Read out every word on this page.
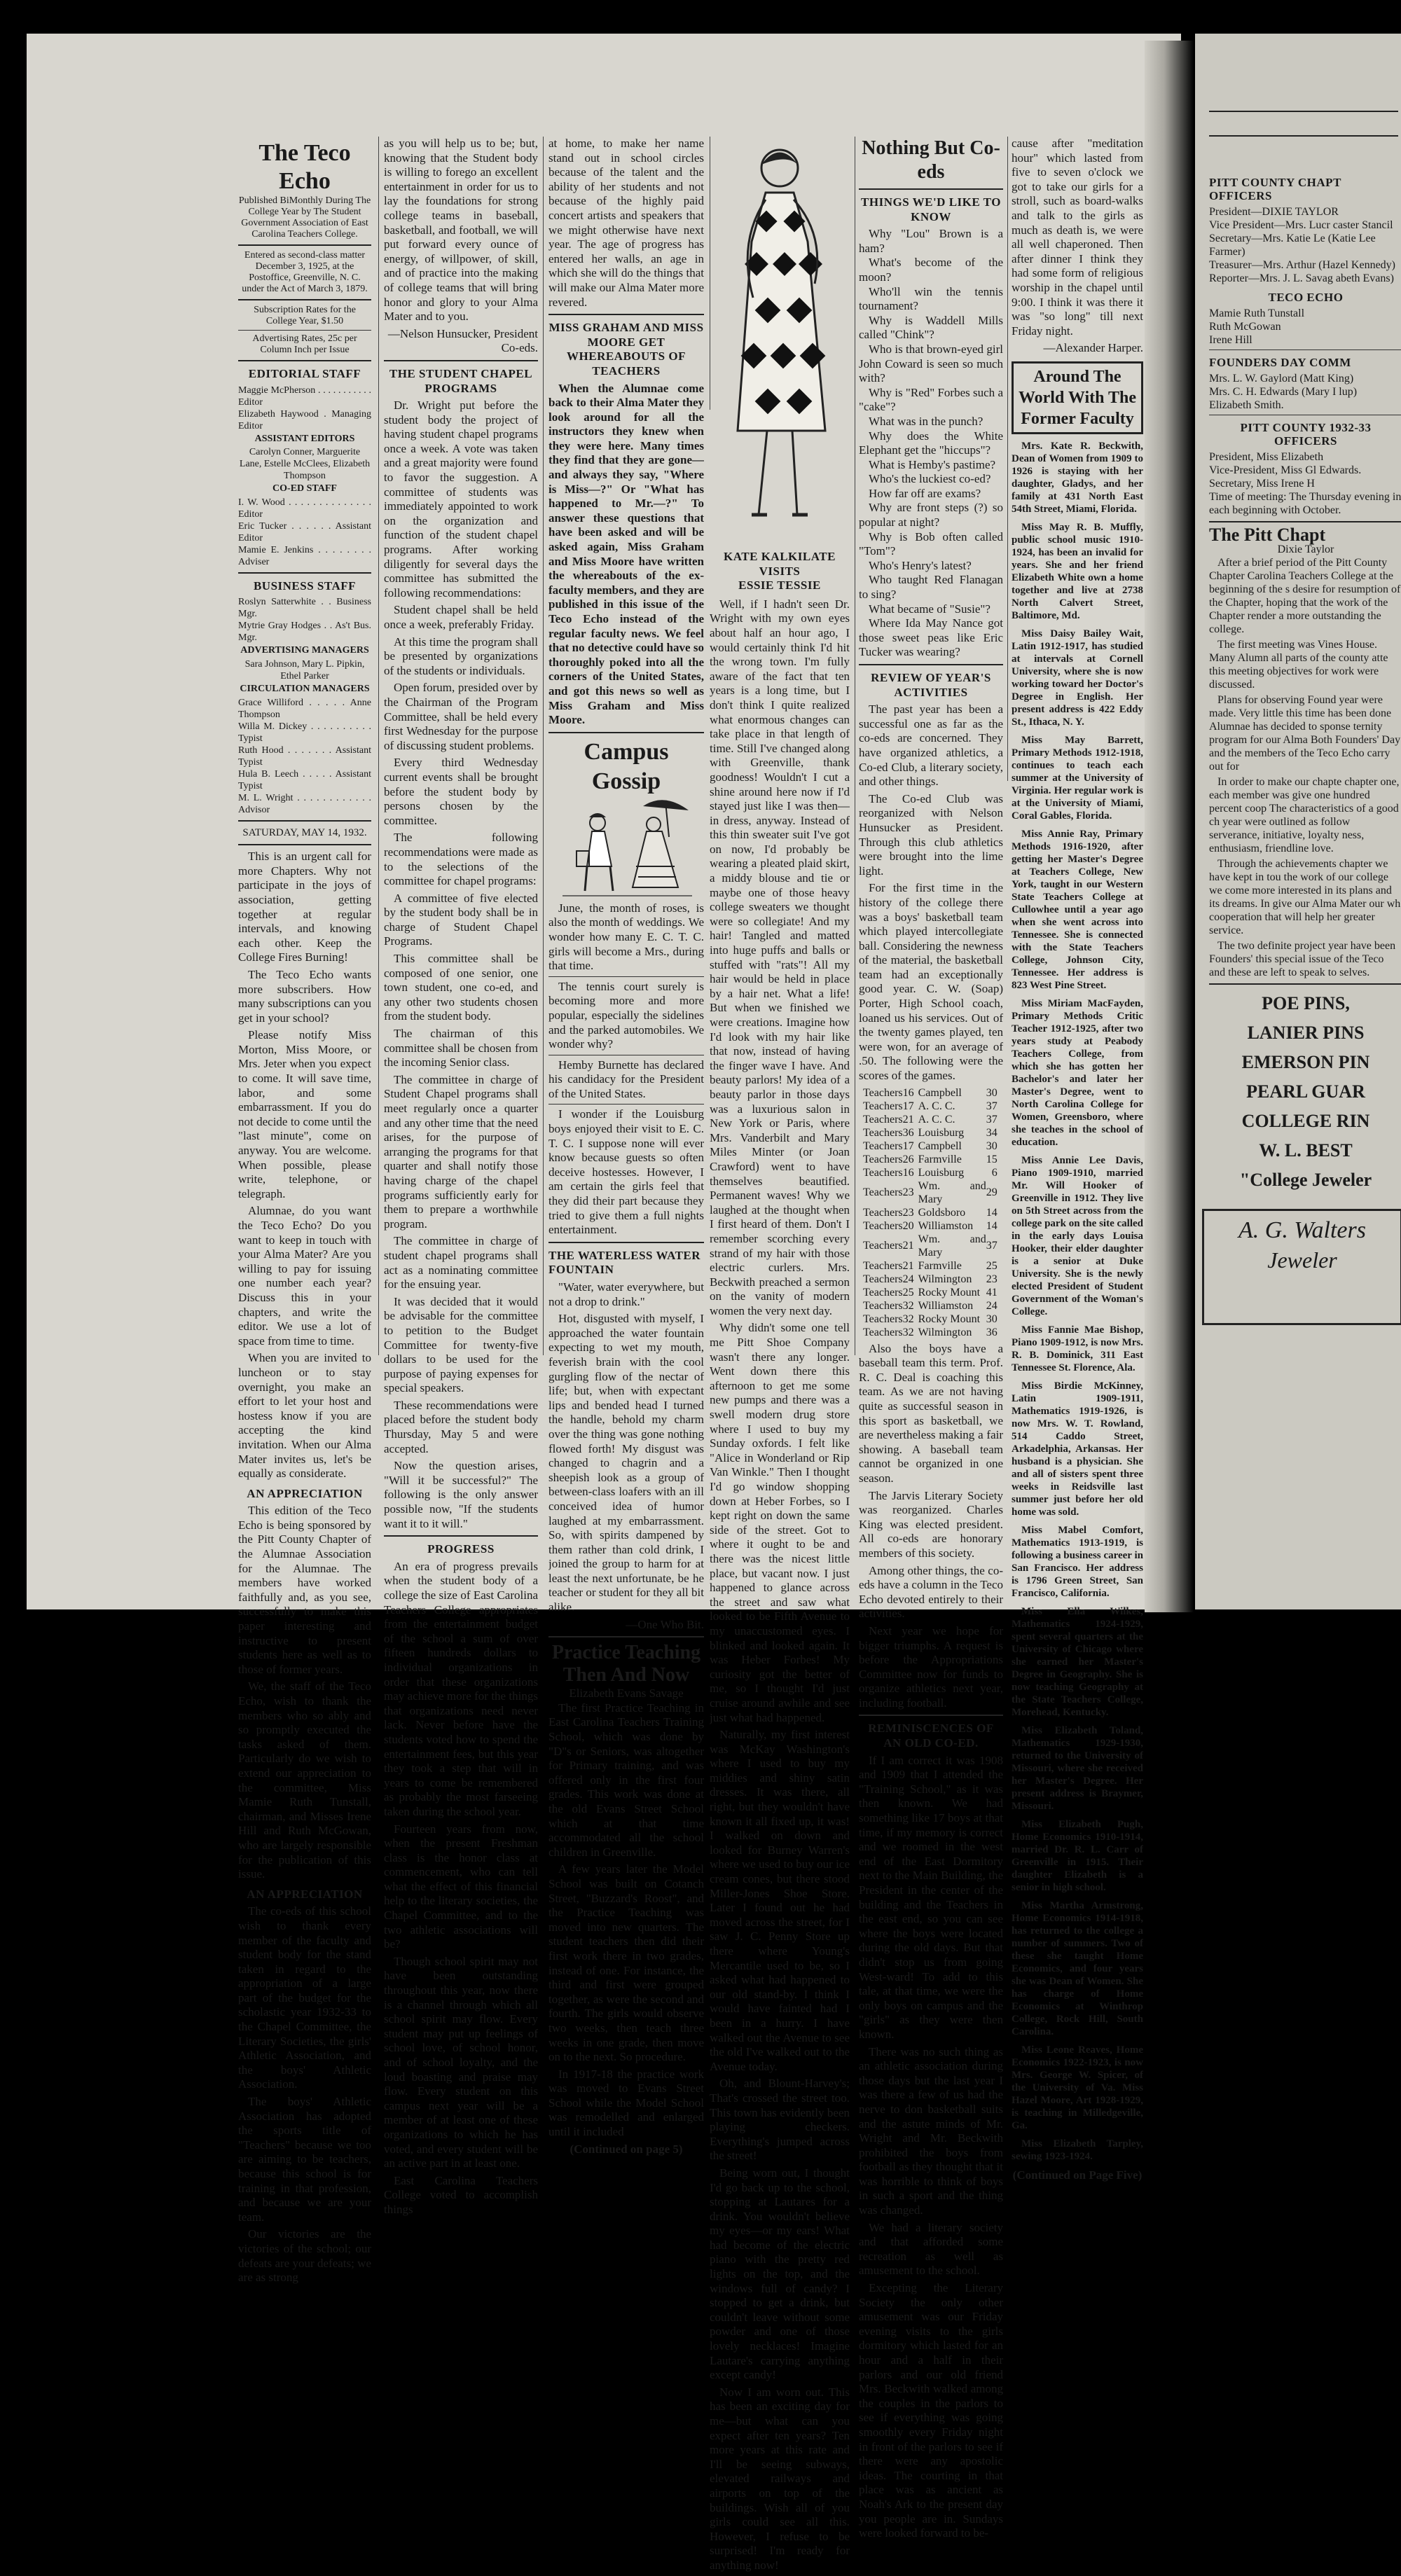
The Teco Echo
Published BiMonthly During The College Year by The Student Government Association of East Carolina Teachers College.
Entered as second-class matter December 3, 1925, at the Postoffice, Greenville, N. C. under the Act of March 3, 1879.
Subscription Rates for the College Year, $1.50
Advertising Rates, 25c per Column Inch per Issue
EDITORIAL STAFF
Maggie McPherson . . . . . . . . . . . Editor
Elizabeth Haywood . Managing Editor
ASSISTANT EDITORS
Carolyn Conner, Marguerite Lane, Estelle McClees, Elizabeth Thompson
CO-ED STAFF
I. W. Wood . . . . . . . . . . . . . . Editor
Eric Tucker . . . . . . Assistant Editor
Mamie E. Jenkins . . . . . . . . Adviser
BUSINESS STAFF
Roslyn Satterwhite . . Business Mgr.
Mytrie Gray Hodges . . As't Bus. Mgr.
ADVERTISING MANAGERS
Sara Johnson, Mary L. Pipkin, Ethel Parker
CIRCULATION MANAGERS
Grace Williford . . . . . Anne Thompson
Willa M. Dickey . . . . . . . . . . Typist
Ruth Hood . . . . . . . Assistant Typist
Hula B. Leech . . . . . Assistant Typist
M. L. Wright . . . . . . . . . . . . Advisor
SATURDAY, MAY 14, 1932.

This is an urgent call for more Chapters. Why not participate in the joys of association, getting together at regular intervals, and knowing each other. Keep the College Fires Burning!

The Teco Echo wants more subscribers. How many subscriptions can you get in your school?

Please notify Miss Morton, Miss Moore, or Mrs. Jeter when you expect to come. It will save time, labor, and some embarrassment. If you do not decide to come until the "last minute", come on anyway. You are welcome. When possible, please write, telephone, or telegraph.

Alumnae, do you want the Teco Echo? Do you want to keep in touch with your Alma Mater? Are you willing to pay for issuing one number each year? Discuss this in your chapters, and write the editor. We use a lot of space from time to time.

When you are invited to luncheon or to stay overnight, you make an effort to let your host and hostess know if you are accepting the kind invitation. When our Alma Mater invites us, let's be equally as considerate.

AN APPRECIATION

This edition of the Teco Echo is being sponsored by the Pitt County Chapter of the Alumnae Association for the Alumnae. The members have worked faithfully and, as you see, successfully to make this paper interesting and instructive to present students here as well as to those of former years.

We, the staff of the Teco Echo, wish to thank the members who so ably and so promptly executed the tasks asked of them. Particularly do we wish to extend our appreciation to the committee, Miss Mamie Ruth Tunstall, chairman, and Misses Irene Hill and Ruth McGowan, who are largely responsible for the publication of this issue.

AN APPRECIATION

The co-eds of this school wish to thank every member of the faculty and student body for the stand taken in regard to the appropriation of a large part of the budget for the scholastic year 1932-33 to the Chapel Committee, the Literary Societies, the girls' Athletic Association, and the boys' Athletic Association.

The boys' Athletic Association has adopted the sports title of "Teachers" because we too are aiming to be teachers, because this school is for training in that profession, and because we are your team.

Our victories are the victories of the school; our defeats are your defeats; we are as strong

as you will help us to be; but, knowing that the Student body is willing to forego an excellent entertainment in order for us to lay the foundations for strong college teams in baseball, basketball, and football, we will put forward every ounce of energy, of willpower, of skill, and of practice into the making of college teams that will bring honor and glory to your Alma Mater and to you.

—Nelson Hunsucker, President Co-eds.
THE STUDENT CHAPEL PROGRAMS

Dr. Wright put before the student body the project of having student chapel programs once a week. A vote was taken and a great majority were found to favor the suggestion. A committee of students was immediately appointed to work on the organization and function of the student chapel programs. After working diligently for several days the committee has submitted the following recommendations:

Student chapel shall be held once a week, preferably Friday.

At this time the program shall be presented by organizations of the students or individuals.

Open forum, presided over by the Chairman of the Program Committee, shall be held every first Wednesday for the purpose of discussing student problems.

Every third Wednesday current events shall be brought before the student body by persons chosen by the committee.

The following recommendations were made as to the selections of the committee for chapel programs:

A committee of five elected by the student body shall be in charge of Student Chapel Programs.

This committee shall be composed of one senior, one town student, one co-ed, and any other two students chosen from the student body.

The chairman of this committee shall be chosen from the incoming Senior class.

The committee in charge of Student Chapel programs shall meet regularly once a quarter and any other time that the need arises, for the purpose of arranging the programs for that quarter and shall notify those having charge of the chapel programs sufficiently early for them to prepare a worthwhile program.

The committee in charge of student chapel programs shall act as a nominating committee for the ensuing year.

It was decided that it would be advisable for the committee to petition to the Budget Committee for twenty-five dollars to be used for the purpose of paying expenses for special speakers.

These recommendations were placed before the student body Thursday, May 5 and were accepted.

Now the question arises, "Will it be successful?" The following is the only answer possible now, "If the students want it to it will."

PROGRESS

An era of progress prevails when the student body of a college the size of East Carolina Teachers College appropriates from the entertainment budget of the school a sum of over fifteen hundreds dollars to individual organizations in order that these organizations may achieve more for the things that organizations need never lack. Never before have the students voted how to spend the entertainment fees, but this year they took a step that will in years to come be remembered as probably the most farseeing taken during the school year.

Fourteen years from now, when the present Freshman class is the honor class at commencement, who can tell what the effect of this financial help to the literary societies, the Chapel Committee, and to the two athletic associations will be?

Though school spirit may not have been outstanding throughout this year, now there is a channel through which all school spirit may flow. Every student may put up feelings of school love, of school honor, and of school loyalty, and the loud boasting and praise may flow. Every student on this campus next year will be a member of at least one of these organizations to which he has voted, and every student will be an active part in at least one.

East Carolina Teachers College voted to accomplish things

at home, to make her name stand out in school circles because of the talent and the ability of her students and not because of the highly paid concert artists and speakers that we might otherwise have next year. The age of progress has entered her walls, an age in which she will do the things that will make our Alma Mater more revered.

MISS GRAHAM AND MISS MOORE GET WHEREABOUTS OF TEACHERS

When the Alumnae come back to their Alma Mater they look around for all the instructors they knew when they were here. Many times they find that they are gone—and always they say, "Where is Miss—?" Or "What has happened to Mr.—?" To answer these questions that have been asked and will be asked again, Miss Graham and Miss Moore have written the whereabouts of the ex-faculty members, and they are published in this issue of the Teco Echo instead of the regular faculty news. We feel that no detective could have so thoroughly poked into all the corners of the United States, and got this news so well as Miss Graham and Miss Moore.

Campus Gossip

June, the month of roses, is also the month of weddings. We wonder how many E. C. T. C. girls will become a Mrs., during that time.

The tennis court surely is becoming more and more popular, especially the sidelines and the parked automobiles. We wonder why?

Hemby Burnette has declared his candidacy for the President of the United States.

I wonder if the Louisburg boys enjoyed their visit to E. C. T. C. I suppose none will ever know because guests so often deceive hostesses. However, I am certain the girls feel that they did their part because they tried to give them a full nights entertainment.

THE WATERLESS WATER FOUNTAIN

"Water, water everywhere, but not a drop to drink."

Hot, disgusted with myself, I approached the water fountain expecting to wet my mouth, feverish brain with the cool gurgling flow of the nectar of life; but, when with expectant lips and bended head I turned the handle, behold my charm over the thing was gone nothing flowed forth! My disgust was changed to chagrin and a sheepish look as a group of between-class loafers with an ill conceived idea of humor laughed at my embarrassment. So, with spirits dampened by them rather than cold drink, I joined the group to harm for at least the next unfortunate, be he teacher or student for they all bit alike.

—One Who Bit.
Practice Teaching Then And Now
Elizabeth Evans Savage

The first Practice Teaching in East Carolina Teachers Training School, which was done by "D"s or Seniors, was altogether for Primary training, and was offered only in the first four grades. This work was done at the old Evans Street School which at that time accommodated all the school children in Greenville.

A few years later the Model School was built on Cotanch Street, "Buzzard's Roost", and the Practice Teaching was moved into new quarters. The student teachers then did their first work there in two grades, instead of one. For instance, the third and first were grouped together, as were the second and fourth. The girls would observe two weeks, then teach three weeks in one grade, then move on to the next. So procedure.

In 1917-18 the practice work was moved to Evans Street School while the Model School was remodelled and enlarged until it included

(Continued on page 5)
KATE KALKILATE VISITS
ESSIE TESSIE

Well, if I hadn't seen Dr. Wright with my own eyes about half an hour ago, I would certainly think I'd hit the wrong town. I'm fully aware of the fact that ten years is a long time, but I don't think I quite realized what enormous changes can take place in that length of time. Still I've changed along with Greenville, thank goodness! Wouldn't I cut a shine around here now if I'd stayed just like I was then—in dress, anyway. Instead of this thin sweater suit I've got on now, I'd probably be wearing a pleated plaid skirt, a middy blouse and tie or maybe one of those heavy college sweaters we thought were so collegiate! And my hair! Tangled and matted into huge puffs and balls or stuffed with "rats"! All my hair would be held in place by a hair net. What a life! But when we finished we were creations. Imagine how I'd look with my hair like that now, instead of having the finger wave I have. And beauty parlors! My idea of a beauty parlor in those days was a luxurious salon in New York or Paris, where Mrs. Vanderbilt and Mary Miles Minter (or Joan Crawford) went to have themselves beautified. Permanent waves! Why we laughed at the thought when I first heard of them. Don't I remember scorching every strand of my hair with those electric curlers. Mrs. Beckwith preached a sermon on the vanity of modern women the very next day.

Why didn't some one tell me Pitt Shoe Company wasn't there any longer. Went down there this afternoon to get me some new pumps and there was a swell modern drug store where I used to buy my Sunday oxfords. I felt like "Alice in Wonderland or Rip Van Winkle." Then I thought I'd go window shopping down at Heber Forbes, so I kept right on down the same side of the street. Got to where it ought to be and there was the nicest little place, but vacant now. I just happened to glance across the street and saw what looked to be Fifth Avenue to my unaccustomed eyes. I blinked and looked again. It was Heber Forbes! My curiosity got the better of me, so I thought I'd just cruise around awhile and see just what had happened.

Naturally, my first interest was McKay Washington's where I used to buy my middies and shiny satin dresses. It was there, all right, but they wouldn't have known it all fixed up, it was! I walked on down and looked for Burney Warren's where we used to buy our ice cream cones, but there stood Miller-Jones Shoe Store. Later I found out he had moved across the street, for I saw J. C. Penny Store up there where Young's Mercantile used to be, so I asked what had happened to our old stand-by. I think I would have fainted had I been in a hurry. I have walked out the Avenue to see the old I've walked out to the Avenue today.

Oh, and Blount-Harvey's; That's crossed the street too. This town has evidently been playing checkers. Everything's jumped across the street!

Being worn out, I thought I'd go back up to the school, stopping at Lautares for a drink. You wouldn't believe my eyes—or my ears! What had become of the electric piano with the pretty red lights on the top, and the windows full of candy? I stopped to get a drink, but couldn't leave without some powder and one of those lovely necklaces! Imagine Lautare's carrying anything except candy!

Now I am worn out. This has been an exciting day for me—but what can you expect after ten years? Ten more years at this rate and I'll be seeing subways, elevated railways and airports on top of the buildings. Wish all of you girls could see all this. However, I refuse to be surprised! I'm ready for anything now!

Nothing But Co-eds
THINGS WE'D LIKE TO KNOW
Why "Lou" Brown is a ham?
What's become of the moon?
Who'll win the tennis tournament?
Why is Waddell Mills called "Chink"?
Who is that brown-eyed girl John Coward is seen so much with?
Why is "Red" Forbes such a "cake"?
What was in the punch?
Why does the White Elephant get the "hiccups"?
What is Hemby's pastime?
Who's the luckiest co-ed?
How far off are exams?
Why are front steps (?) so popular at night?
Why is Bob often called "Tom"?
Who's Henry's latest?
Who taught Red Flanagan to sing?
What became of "Susie"?
Where Ida May Nance got those sweet peas like Eric Tucker was wearing?
REVIEW OF YEAR'S ACTIVITIES

The past year has been a successful one as far as the co-eds are concerned. They have organized athletics, a Co-ed Club, a literary society, and other things.

The Co-ed Club was reorganized with Nelson Hunsucker as President. Through this club athletics were brought into the lime light.

For the first time in the history of the college there was a boys' basketball team which played intercollegiate ball. Considering the newness of the material, the basketball team had an exceptionally good year. C. W. (Soap) Porter, High School coach, loaned us his services. Out of the twenty games played, ten were won, for an average of .50. The following were the scores of the games.

Teachers	16	Campbell	30
Teachers	17	A. C. C.	37
Teachers	21	A. C. C.	37
Teachers	36	Louisburg	34
Teachers	17	Campbell	30
Teachers	26	Farmville	15
Teachers	16	Louisburg	6
Teachers	23	Wm. and Mary	29
Teachers	23	Goldsboro	14
Teachers	20	Williamston	14
Teachers	21	Wm. and Mary	37
Teachers	21	Farmville	25
Teachers	24	Wilmington	23
Teachers	25	Rocky Mount	41
Teachers	32	Williamston	24
Teachers	32	Rocky Mount	30
Teachers	32	Wilmington	36

Also the boys have a baseball team this term. Prof. R. C. Deal is coaching this team. As we are not having quite as successful season in this sport as basketball, we are nevertheless making a fair showing. A baseball team cannot be organized in one season.

The Jarvis Literary Society was reorganized. Charles King was elected president. All co-eds are honorary members of this society.

Among other things, the co-eds have a column in the Teco Echo devoted entirely to their activities.

Next year we hope for bigger triumphs. A request is before the Appropriations Committee now for funds to organize athletics next year, including football.

REMINISCENCES OF AN OLD CO-ED.

If I am correct it was 1908 and 1909 that I attended the "Training School," as it was then known. We had something like 17 boys at that time, if my memory is correct and we roomed in the west end of the East Dormitory next to the Main Building, the President in the center of the building and the Teachers in the east end, so you can see where the boys were located during the old days. But that didn't stop us from going West-ward! To add to this tale, at that time, we were the only boys on campus and the "girls" as they were then known.

There was no such thing as an athletic association during those days but the last year I was there a few of us had the nerve to don basketball suits and the astute minds of Mr. Wright and Mr. Beckwith prohibited the boys from football as they thought that it was horrible to think of boys in such a sport and the thing was changed.

We had a literary society and that afforded some recreation as well as amusement to the school.

Excepting the Literary Society the only other amusement was our Friday evening visits to the girls dormitory which lasted for an hour and a half in their parlors and our old friend Mrs. Beckwith walked among the couples in the parlors to see if everything was going smoothly every Friday night in front of the parlors to see if there were any apostolic ideas. The courting in that place was as ancient as Noah's Ark to the present day you people are in. Sundays were looked forward to be-

cause after "meditation hour" which lasted from five to seven o'clock we got to take our girls for a stroll, such as board-walks and talk to the girls as much as death is, we were all well chaperoned. Then after dinner I think they had some form of religious worship in the chapel until 9:00. I think it was there it was "so long" till next Friday night.

—Alexander Harper.
Around The World With The Former Faculty
Mrs. Kate R. Beckwith, Dean of Women from 1909 to 1926 is staying with her daughter, Gladys, and her family at 431 North East 54th Street, Miami, Florida.
Miss May R. B. Muffly, public school music 1910-1924, has been an invalid for years. She and her friend Elizabeth White own a home together and live at 2738 North Calvert Street, Baltimore, Md.
Miss Daisy Bailey Wait, Latin 1912-1917, has studied at intervals at Cornell University, where she is now working toward her Doctor's Degree in English. Her present address is 422 Eddy St., Ithaca, N. Y.
Miss May Barrett, Primary Methods 1912-1918, continues to teach each summer at the University of Virginia. Her regular work is at the University of Miami, Coral Gables, Florida.
Miss Annie Ray, Primary Methods 1916-1920, after getting her Master's Degree at Teachers College, New York, taught in our Western State Teachers College at Cullowhee until a year ago when she went across into Tennessee. She is connected with the State Teachers College, Johnson City, Tennessee. Her address is 823 West Pine Street.
Miss Miriam MacFayden, Primary Methods Critic Teacher 1912-1925, after two years study at Peabody Teachers College, from which she has gotten her Bachelor's and later her Master's Degree, went to North Carolina College for Women, Greensboro, where she teaches in the school of education.
Miss Annie Lee Davis, Piano 1909-1910, married Mr. Will Hooker of Greenville in 1912. They live on 5th Street across from the college park on the site called in the early days Louisa Hooker, their elder daughter is a senior at Duke University. She is the newly elected President of Student Government of the Woman's College.
Miss Fannie Mae Bishop, Piano 1909-1912, is now Mrs. R. B. Dominick, 311 East Tennessee St. Florence, Ala.
Miss Birdie McKinney, Latin 1909-1911, Mathematics 1919-1926, is now Mrs. W. T. Rowland, 514 Caddo Street, Arkadelphia, Arkansas. Her husband is a physician. She and all of sisters spent three weeks in Reidsville last summer just before her old home was sold.
Miss Mabel Comfort, Mathematics 1913-1919, is following a business career in San Francisco. Her address is 1796 Green Street, San Francisco, California.
Miss Ella Wilkes, Mathematics 1924-1929, spent several quarters at the University of Chicago where she earned her Master's Degree in Geography. She is now teaching Geography at the State Teachers College, Morehead, Kentucky.
Miss Elizabeth Toland, Mathematics 1929-1930, returned to the University of Missouri, where she received her Master's Degree. Her present address is Braymer, Missouri.
Miss Elizabeth Pugh, Home Economics 1910-1914, married Dr. R. L. Carr of Greenville in 1915. Their daughter Elizabeth is a senior in high school.
Miss Martha Armstrong, Home Economics 1914-1918, has returned to the college a number of summers. Two of these she taught Home Economics, and four years she was Dean of Women. She has charge of Home Economics at Winthrop College, Rock Hill, South Carolina.
Miss Leone Reaves, Home Economics 1922-1923, is now Mrs. George W. Spicer, of the University of Va. Miss Hazel Moore, Art 1928-1929, is teaching in Milledgeville, Ga.
Miss Elizabeth Tarpley, sewing 1923-1924.
(Continued on Page Five)
PITT COUNTY CHAPT OFFICERS
President—DIXIE TAYLOR
Vice President—Mrs. Lucr caster Stancil
Secretary—Mrs. Katie Le (Katie Lee Farmer)
Treasurer—Mrs. Arthur (Hazel Kennedy)
Reporter—Mrs. J. L. Savag abeth Evans)
TECO ECHO
Mamie Ruth Tunstall
Ruth McGowan
Irene Hill
FOUNDERS DAY COMM
Mrs. L. W. Gaylord (Matt King)
Mrs. C. H. Edwards (Mary I lup)
Elizabeth Smith.
PITT COUNTY 1932-33 OFFICERS
President, Miss Elizabeth
Vice-President, Miss Gl Edwards.
Secretary, Miss Irene H
Time of meeting: The Thursday evening in each beginning with October.
The Pitt Chapt
Dixie Taylor

After a brief period of the Pitt County Chapter Carolina Teachers College at the beginning of the s desire for resumption of the Chapter, hoping that the work of the Chapter render a more outstanding the college.

The first meeting was Vines House. Many Alumn all parts of the county atte this meeting objectives for work were discussed.

Plans for observing Found year were made. Very little this time has been done Alumnae has decided to sponse ternity program for our Alma Both Founders' Day and the members of the Teco Echo carry out for

In order to make our chapte chapter one, each member was give one hundred percent coop The characteristics of a good ch year were outlined as follow serverance, initiative, loyalty ness, enthusiasm, friendline love.

Through the achievements chapter we have kept in tou the work of our college we come more interested in its plans and its dreams. In give our Alma Mater our wh cooperation that will help her greater service.

The two definite project year have been Founders' this special issue of the Teco and these are left to speak to selves.

POE PINS,
LANIER PINS
EMERSON PIN
PEARL GUAR
COLLEGE RIN
W. L. BEST
"College Jeweler
A. G. Walters
Jeweler
